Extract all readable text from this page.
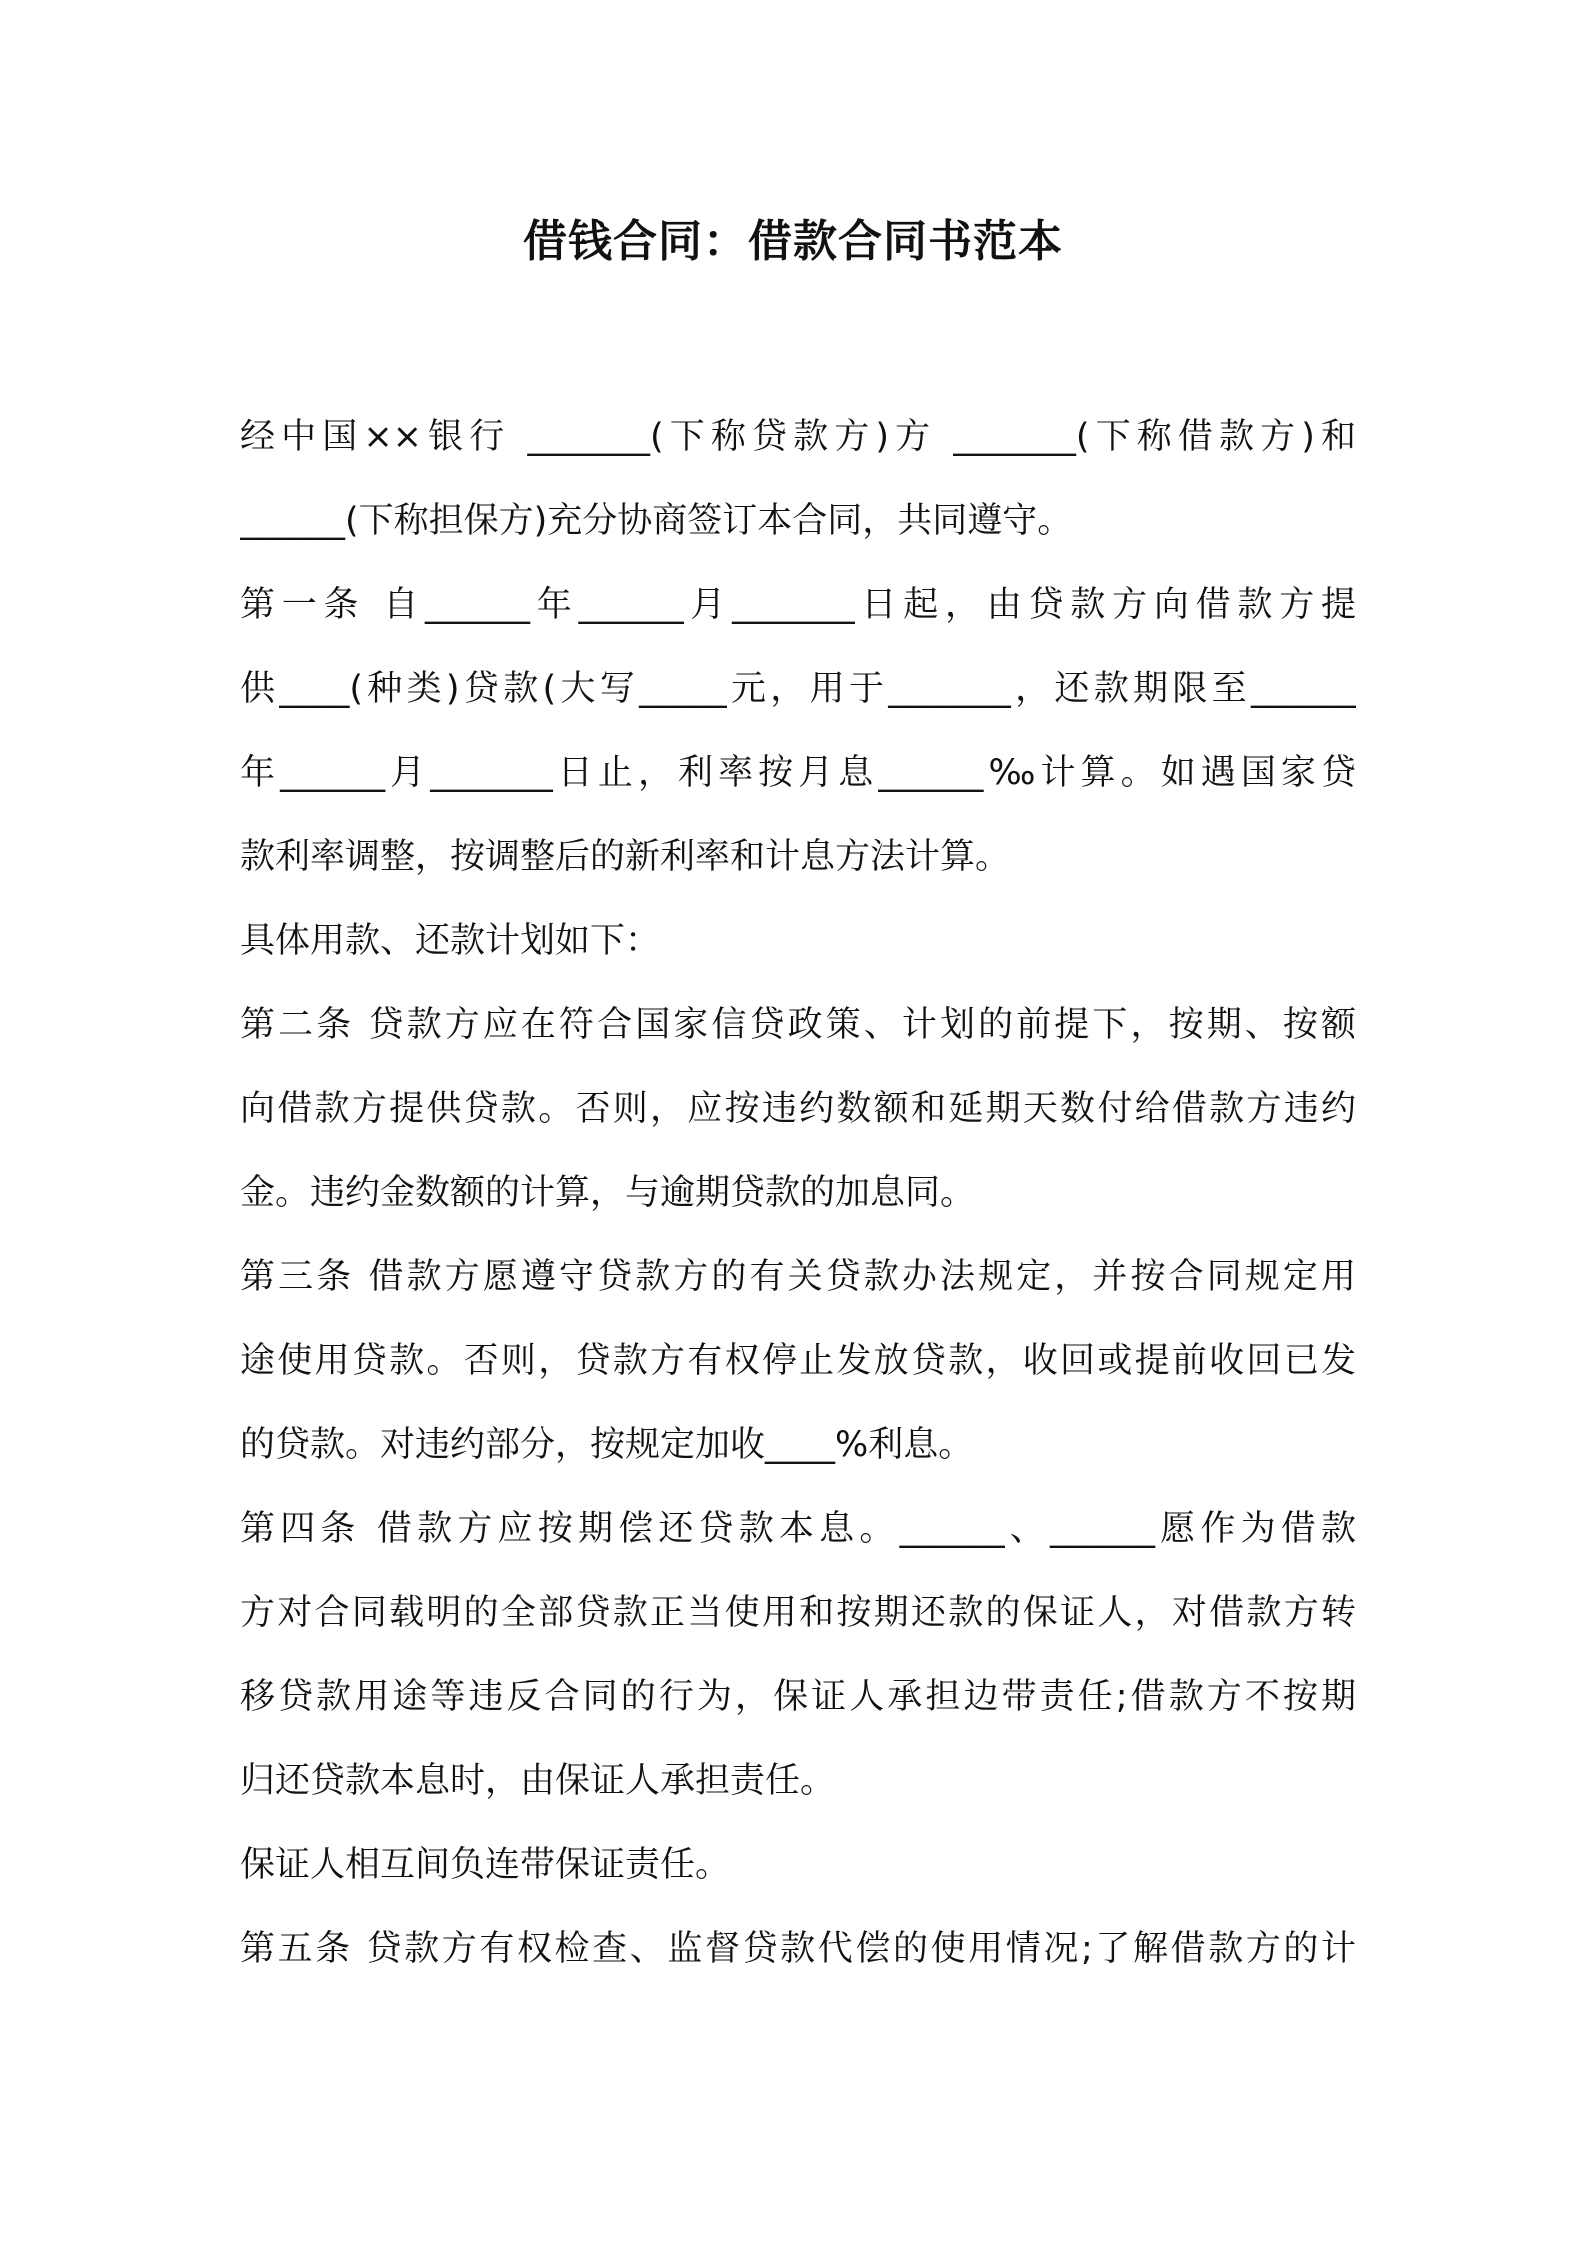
借钱合同：借款合同书范本
经中国××银行 _______(下称贷款方)方 _______(下称借款方)和
______(下称担保方)充分协商签订本合同，共同遵守。
第一条 自______年______月_______日起，由贷款方向借款方提
供____(种类)贷款(大写_____元，用于_______，还款期限至______
年______月_______日止，利率按月息______‰计算。如遇国家贷
款利率调整，按调整后的新利率和计息方法计算。
具体用款、还款计划如下：
第二条 贷款方应在符合国家信贷政策、计划的前提下，按期、按额
向借款方提供贷款。否则，应按违约数额和延期天数付给借款方违约
金。违约金数额的计算，与逾期贷款的加息同。
第三条 借款方愿遵守贷款方的有关贷款办法规定，并按合同规定用
途使用贷款。否则，贷款方有权停止发放贷款，收回或提前收回已发
的贷款。对违约部分，按规定加收____%利息。
第四条 借款方应按期偿还贷款本息。______、______愿作为借款
方对合同载明的全部贷款正当使用和按期还款的保证人，对借款方转
移贷款用途等违反合同的行为，保证人承担边带责任;借款方不按期
归还贷款本息时，由保证人承担责任。
保证人相互间负连带保证责任。
第五条 贷款方有权检查、监督贷款代偿的使用情况;了解借款方的计
